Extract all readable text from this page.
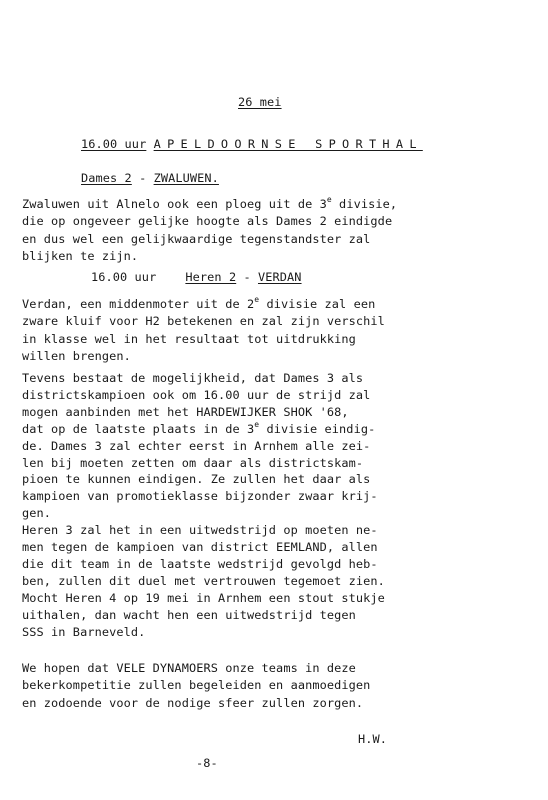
26 mei
16.00 uur APELDOORNSE SPORTHAL
Dames 2 - ZWALUWEN.
Zwaluwen uit Alnelo ook een ploeg uit de 3e divisie,
die op ongeveer gelijke hoogte als Dames 2 eindigde
en dus wel een gelijkwaardige tegenstandster zal
blijken te zijn.
16.00 uur Heren 2 - VERDAN
Verdan, een middenmoter uit de 2e divisie zal een
zware kluif voor H2 betekenen en zal zijn verschil
in klasse wel in het resultaat tot uitdrukking
willen brengen.
Tevens bestaat de mogelijkheid, dat Dames 3 als
districtskampioen ook om 16.00 uur de strijd zal
mogen aanbinden met het HARDEWIJKER SHOK '68,
dat op de laatste plaats in de 3e divisie eindig-
de. Dames 3 zal echter eerst in Arnhem alle zei-
len bij moeten zetten om daar als districtskam-
pioen te kunnen eindigen. Ze zullen het daar als
kampioen van promotieklasse bijzonder zwaar krij-
gen.
Heren 3 zal het in een uitwedstrijd op moeten ne-
men tegen de kampioen van district EEMLAND, allen
die dit team in de laatste wedstrijd gevolgd heb-
ben, zullen dit duel met vertrouwen tegemoet zien.
Mocht Heren 4 op 19 mei in Arnhem een stout stukje
uithalen, dan wacht hen een uitwedstrijd tegen
SSS in Barneveld.
We hopen dat VELE DYNAMOERS onze teams in deze
bekerkompetitie zullen begeleiden en aanmoedigen
en zodoende voor de nodige sfeer zullen zorgen.
H.W.
-8-
